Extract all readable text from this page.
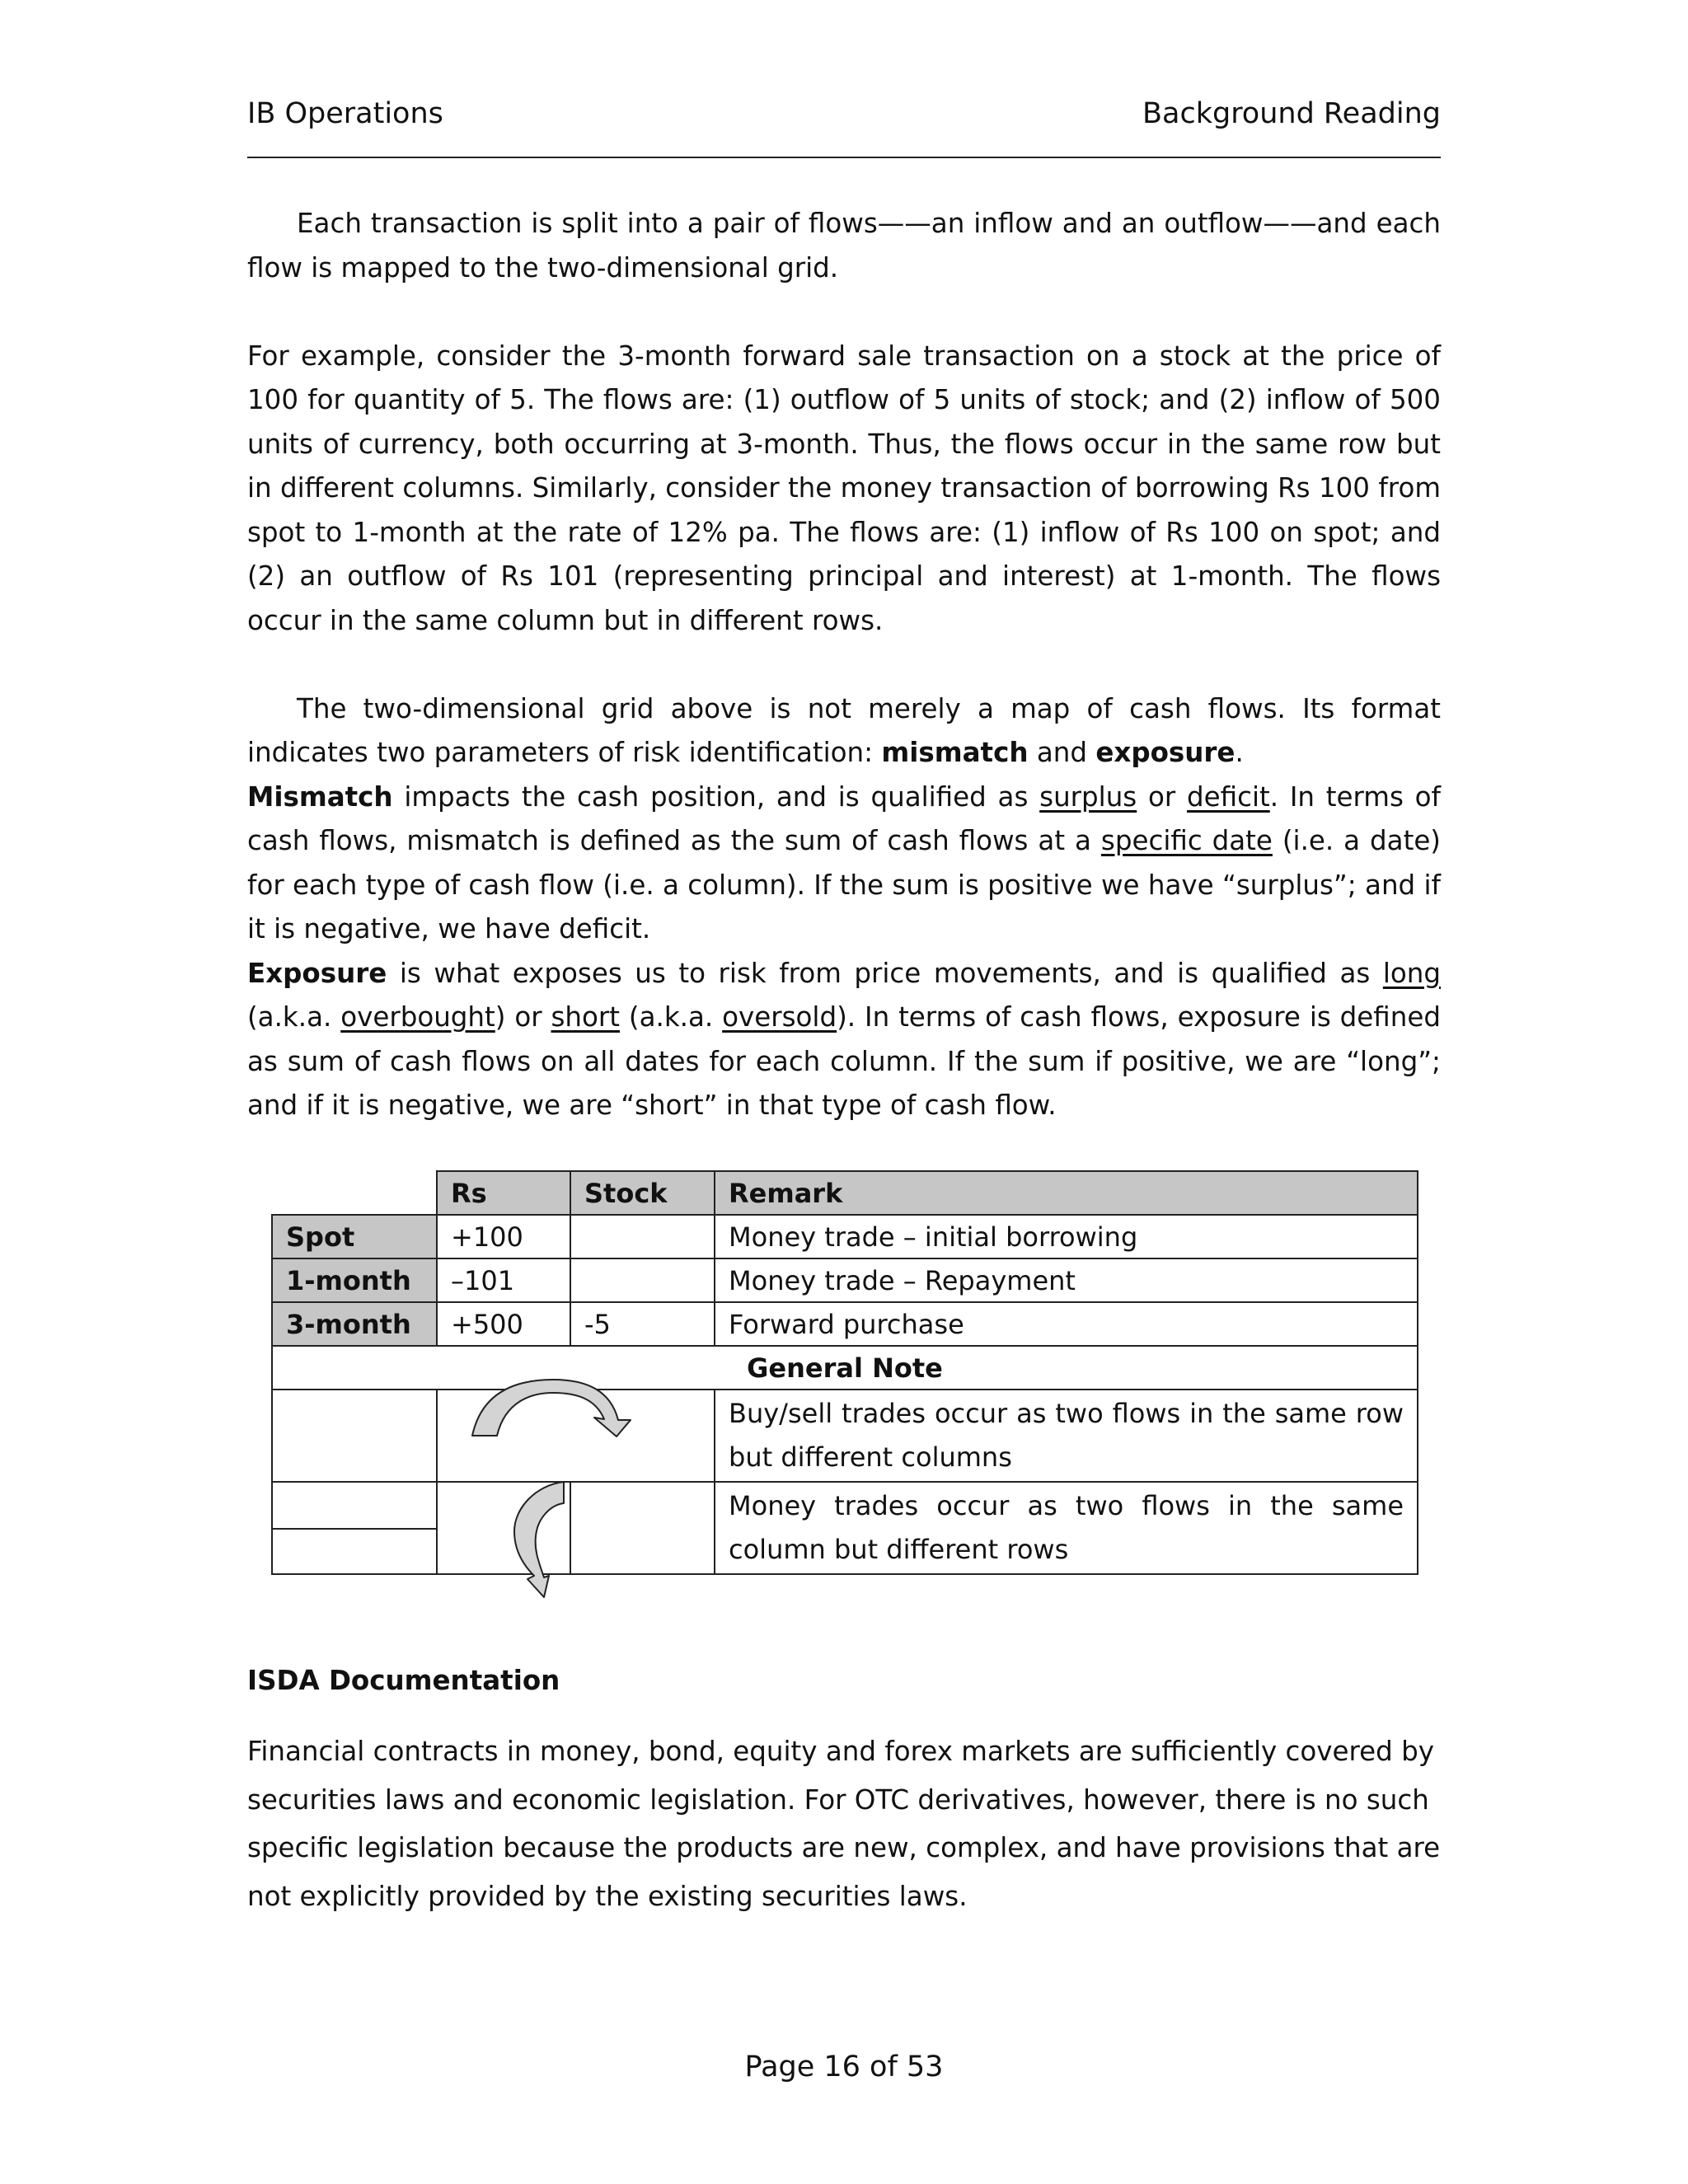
IB Operations	Background Reading

Each transaction is split into a pair of flows——an inflow and an outflow——and each flow is mapped to the two-dimensional grid.

For example, consider the 3-month forward sale transaction on a stock at the price of 100 for quantity of 5. The flows are: (1) outflow of 5 units of stock; and (2) inflow of 500 units of currency, both occurring at 3-month. Thus, the flows occur in the same row but in different columns. Similarly, consider the money transaction of borrowing Rs 100 from spot to 1-month at the rate of 12% pa. The flows are: (1) inflow of Rs 100 on spot; and (2) an outflow of Rs 101 (representing principal and interest) at 1-month. The flows occur in the same column but in different rows.

The two-dimensional grid above is not merely a map of cash flows. Its format indicates two parameters of risk identification: mismatch and exposure.

Mismatch impacts the cash position, and is qualified as surplus or deficit. In terms of cash flows, mismatch is defined as the sum of cash flows at a specific date (i.e. a date) for each type of cash flow (i.e. a column). If the sum is positive we have “surplus”; and if it is negative, we have deficit.

Exposure is what exposes us to risk from price movements, and is qualified as long (a.k.a. overbought) or short (a.k.a. oversold). In terms of cash flows, exposure is defined as sum of cash flows on all dates for each column. If the sum if positive, we are “long”; and if it is negative, we are “short” in that type of cash flow.

	Rs	Stock	Remark
Spot	+100		Money trade – initial borrowing
1-month	–101		Money trade – Repayment
3-month	+500	-5	Forward purchase
General Note			
			Buy/sell trades occur as two flows in the same row but different columns

			Money trades occur as two flows in the same column but different rows
ISDA Documentation

Financial contracts in money, bond, equity and forex markets are sufficiently covered by securities laws and economic legislation. For OTC derivatives, however, there is no such specific legislation because the products are new, complex, and have provisions that are not explicitly provided by the existing securities laws.

Page 16 of 53
